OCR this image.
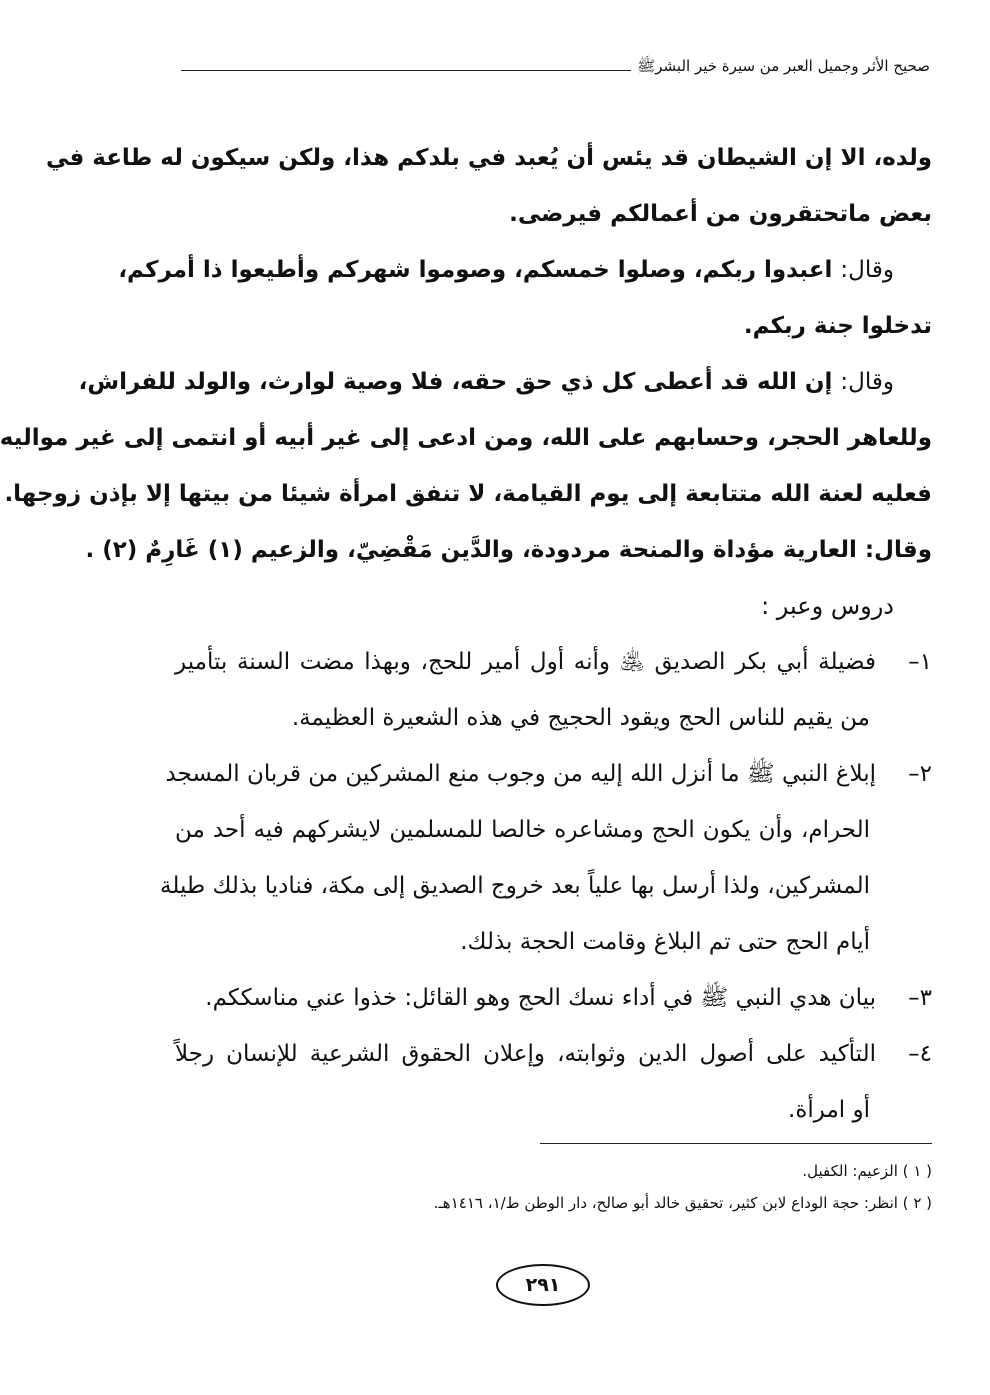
صحيح الأثر وجميل العبر من سيرة خير البشرﷺ
ولده، الا إن الشيطان قد يئس أن يُعبد في بلدكم هذا، ولكن سيكون له طاعة في
بعض ماتحتقرون من أعمالكم فيرضى.
وقال: اعبدوا ربكم، وصلوا خمسكم، وصوموا شهركم وأطيعوا ذا أمركم،
تدخلوا جنة ربكم.
وقال: إن الله قد أعطى كل ذي حق حقه، فلا وصية لوارث، والولد للفراش،
وللعاهر الحجر، وحسابهم على الله، ومن ادعى إلى غير أبيه أو انتمى إلى غير مواليه
فعليه لعنة الله متتابعة إلى يوم القيامة، لا تنفق امرأة شيئا من بيتها إلا بإذن زوجها.
وقال: العارية مؤداة والمنحة مردودة، والدَّين مَقْضِيّ، والزعيم (١) غَارِمٌ (٢) .
دروس وعبر :
١–فضيلة أبي بكر الصديق ﵁ وأنه أول أمير للحج، وبهذا مضت السنة بتأمير
من يقيم للناس الحج ويقود الحجيج في هذه الشعيرة العظيمة.
٢–إبلاغ النبي ﷺ ما أنزل الله إليه من وجوب منع المشركين من قربان المسجد
الحرام، وأن يكون الحج ومشاعره خالصا للمسلمين لايشركهم فيه أحد من
المشركين، ولذا أرسل بها علياً بعد خروج الصديق إلى مكة، فناديا بذلك طيلة
أيام الحج حتى تم البلاغ وقامت الحجة بذلك.
٣–بيان هدي النبي ﷺ في أداء نسك الحج وهو القائل: خذوا عني مناسككم.
٤–التأكيد على أصول الدين وثوابته، وإعلان الحقوق الشرعية للإنسان رجلاً
أو امرأة.
( ١ ) الزعيم: الكفيل.
( ٢ ) انظر: حجة الوداع لابن كثير، تحقيق خالد أبو صالح، دار الوطن ط/١، ١٤١٦هـ.
٢٩١
